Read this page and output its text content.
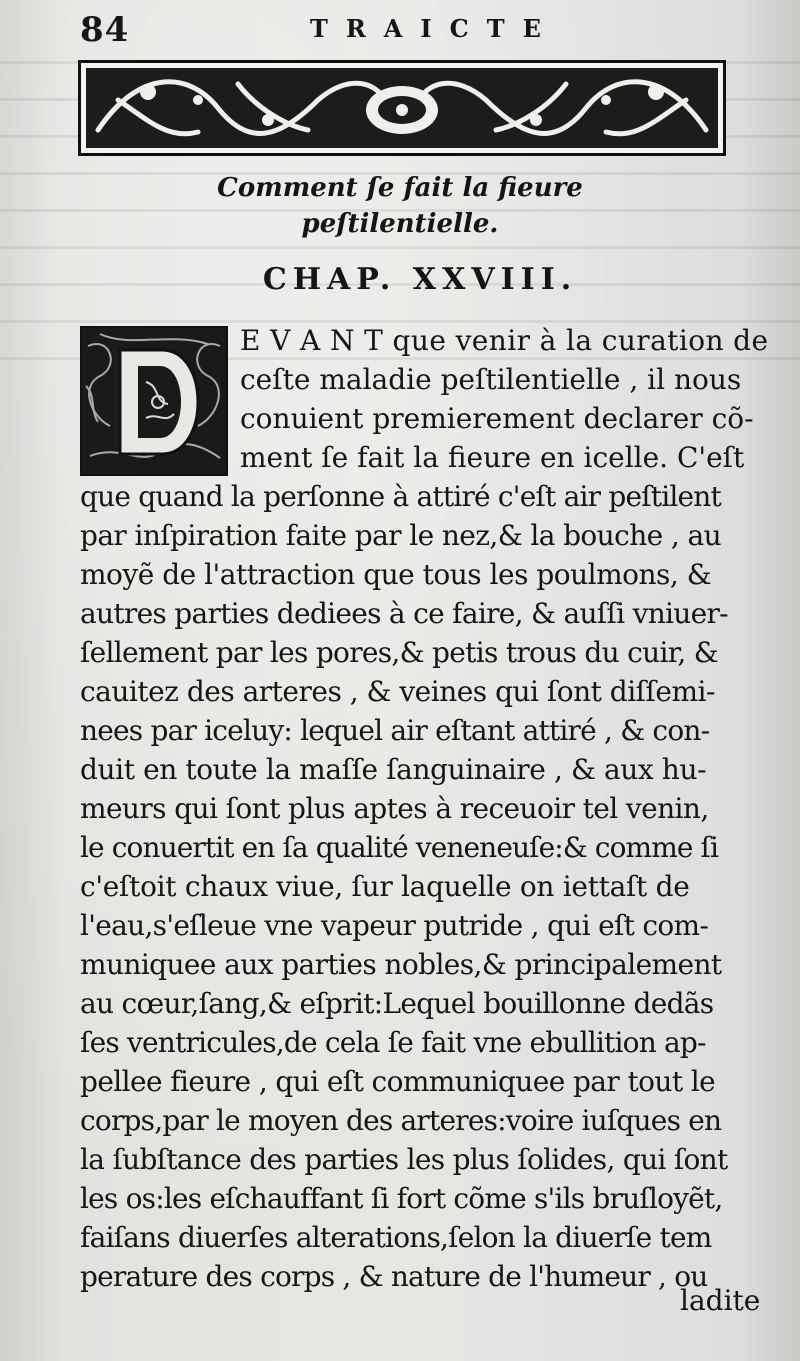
84	TRAICTE
Comment ſe fait la fieure
peſtilentielle.
CHAP. XXVIII.
E V A N T que venir à la curation de
ceſte maladie peſtilentielle , il nous
conuient premierement declarer cõ-
ment ſe fait la fieure en icelle. C'eſt
que quand la perſonne à attiré c'eſt air peſtilent
par inſpiration faite par le nez,& la bouche , au
moyẽ de l'attraction que tous les poulmons, &
autres parties dediees à ce faire, & auſſi vniuer-
ſellement par les pores,& petis trous du cuir, &
cauitez des arteres , & veines qui ſont diſſemi-
nees par iceluy: lequel air eſtant attiré , & con-
duit en toute la maſſe ſanguinaire , & aux hu-
meurs qui ſont plus aptes à receuoir tel venin,
le conuertit en ſa qualité veneneuſe:& comme ſi
c'eſtoit chaux viue, ſur laquelle on iettaſt de
l'eau,s'eſleue vne vapeur putride , qui eſt com-
muniquee aux parties nobles,& principalement
au cœur,ſang,& eſprit:Lequel bouillonne dedãs
ſes ventricules,de cela ſe fait vne ebullition ap-
pellee fieure , qui eſt communiquee par tout le
corps,par le moyen des arteres:voire iuſques en
la ſubſtance des parties les plus ſolides, qui ſont
les os:les eſchauffant ſi fort cõme s'ils bruſloyẽt,
faiſans diuerſes alterations,ſelon la diuerſe tem
perature des corps , & nature de l'humeur , ou
ladite
